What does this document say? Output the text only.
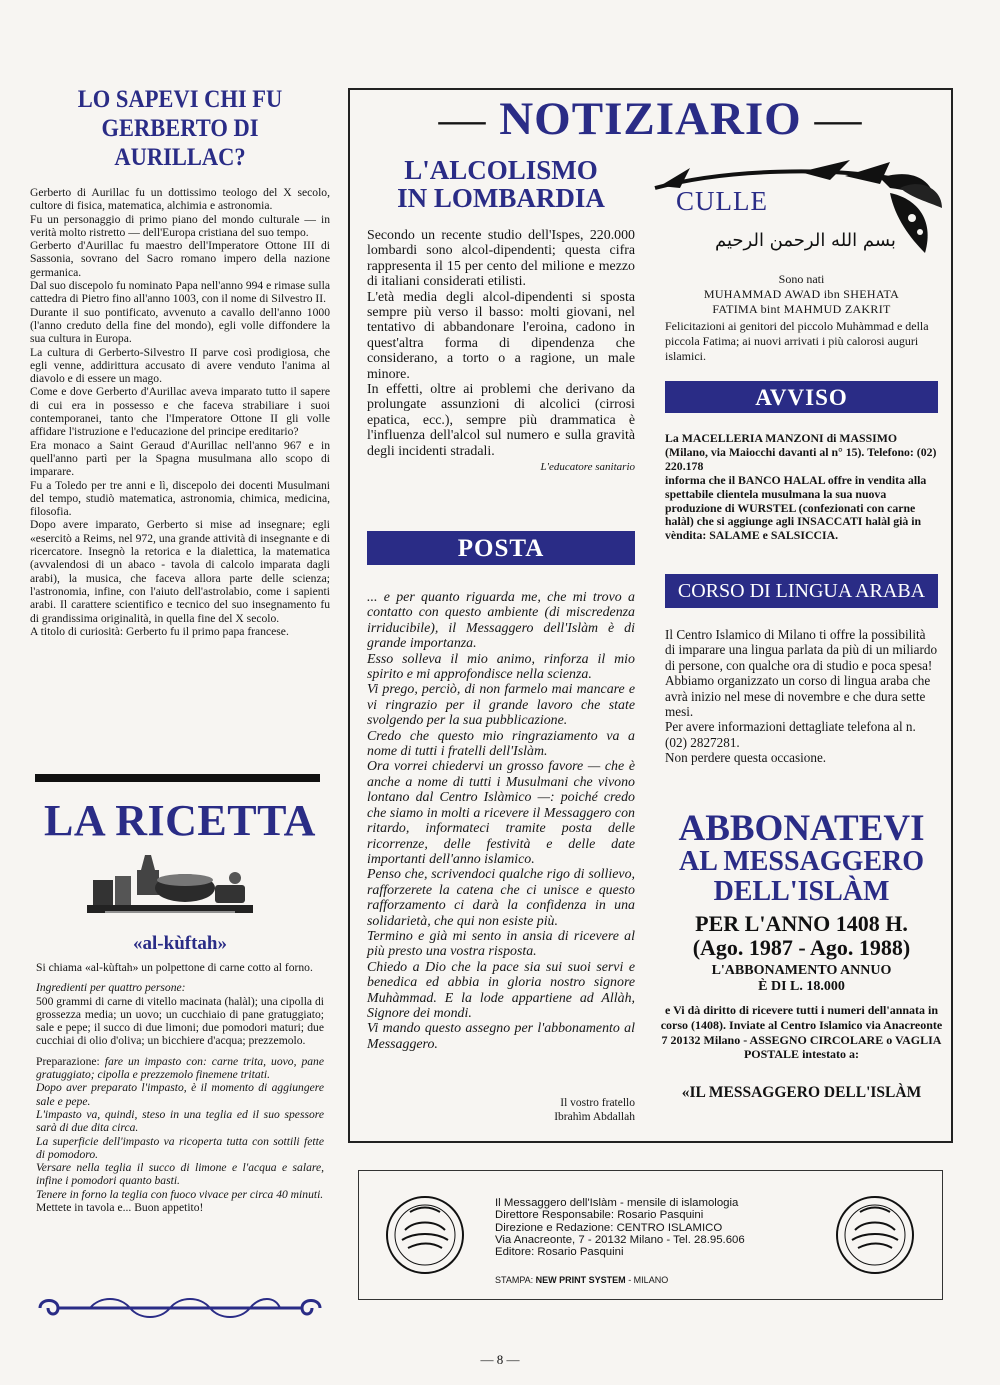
LO SAPEVI CHI FU
GERBERTO DI AURILLAC?

Gerberto di Aurillac fu un dottissimo teologo del X secolo, cultore di fisica, matematica, alchimia e astronomia.

Fu un personaggio di primo piano del mondo culturale — in verità molto ristretto — dell'Europa cristiana del suo tempo.

Gerberto d'Aurillac fu maestro dell'Imperatore Ottone III di Sassonia, sovrano del Sacro romano impero della nazione germanica.

Dal suo discepolo fu nominato Papa nell'anno 994 e rimase sulla cattedra di Pietro fino all'anno 1003, con il nome di Silvestro II.

Durante il suo pontificato, avvenuto a cavallo dell'anno 1000 (l'anno creduto della fine del mondo), egli volle diffondere la sua cultura in Europa.

La cultura di Gerberto-Silvestro II parve così prodigiosa, che egli venne, addirittura accusato di avere venduto l'anima al diavolo e di essere un mago.

Come e dove Gerberto d'Aurillac aveva imparato tutto il sapere di cui era in possesso e che faceva strabiliare i suoi contemporanei, tanto che l'Imperatore Ottone II gli volle affidare l'istruzione e l'educazione del principe ereditario?

Era monaco a Saint Geraud d'Aurillac nell'anno 967 e in quell'anno partì per la Spagna musulmana allo scopo di imparare.

Fu a Toledo per tre anni e lì, discepolo dei docenti Musulmani del tempo, studiò matematica, astronomia, chimica, medicina, filosofia.

Dopo avere imparato, Gerberto si mise ad insegnare; egli «esercitò a Reims, nel 972, una grande attività di insegnante e di ricercatore. Insegnò la retorica e la dialettica, la matematica (avvalendosi di un abaco - tavola di calcolo imparata dagli arabi), la musica, che faceva allora parte delle scienza; l'astronomia, infine, con l'aiuto dell'astrolabio, come i sapienti arabi. Il carattere scientifico e tecnico del suo insegnamento fu di grandissima originalità, in quella fine del X secolo.

A titolo di curiosità: Gerberto fu il primo papa francese.

LA RICETTA
«al-kùftah»

Si chiama «al-kùftah» un polpettone di carne cotto al forno.

Ingredienti per quattro persone:

500 grammi di carne di vitello macinata (halàl); una cipolla di grossezza media; un uovo; un cucchiaio di pane gratuggiato; sale e pepe; il succo di due limoni; due pomodori maturi; due cucchiai di olio d'oliva; un bicchiere d'acqua; prezzemolo.

Preparazione: fare un impasto con: carne trita, uovo, pane gratuggiato; cipolla e prezzemolo finemene tritati.

Dopo aver preparato l'impasto, è il momento di aggiungere sale e pepe.

L'impasto va, quindi, steso in una teglia ed il suo spessore sarà di due dita circa.

La superficie dell'impasto va ricoperta tutta con sottili fette di pomodoro.

Versare nella teglia il succo di limone e l'acqua e salare, infine i pomodori quanto basti.

Tenere in forno la teglia con fuoco vivace per circa 40 minuti.

Mettete in tavola e... Buon appetito!

— NOTIZIARIO —
L'ALCOLISMO
IN LOMBARDIA

Secondo un recente studio dell'Ispes, 220.000 lombardi sono alcol-dipendenti; questa cifra rappresenta il 15 per cento del milione e mezzo di italiani considerati etilisti.

L'età media degli alcol-dipendenti si sposta sempre più verso il basso: molti giovani, nel tentativo di abbandonare l'eroina, cadono in quest'altra forma di dipendenza che considerano, a torto o a ragione, un male minore.

In effetti, oltre ai problemi che derivano da prolungate assunzioni di alcolici (cirrosi epatica, ecc.), sempre più drammatica è l'influenza dell'alcol sul numero e sulla gravità degli incidenti stradali.

L'educatore sanitario
POSTA

... e per quanto riguarda me, che mi trovo a contatto con questo ambiente (di miscredenza irriducibile), il Messaggero dell'Islàm è di grande importanza.

Esso solleva il mio animo, rinforza il mio spirito e mi approfondisce nella scienza.

Vi prego, perciò, di non farmelo mai mancare e vi ringrazio per il grande lavoro che state svolgendo per la sua pubblicazione.

Credo che questo mio ringraziamento va a nome di tutti i fratelli dell'Islàm.

Ora vorrei chiedervi un grosso favore — che è anche a nome di tutti i Musulmani che vivono lontano dal Centro Islàmico —: poiché credo che siamo in molti a ricevere il Messaggero con ritardo, informateci tramite posta delle ricorrenze, delle festività e delle date importanti dell'anno islamico.

Penso che, scrivendoci qualche rigo di sollievo, rafforzerete la catena che ci unisce e questo rafforzamento ci darà la confidenza in una solidarietà, che qui non esiste più.

Termino e già mi sento in ansia di ricevere al più presto una vostra risposta.

Chiedo a Dio che la pace sia sui suoi servi e benedica ed abbia in gloria nostro signore Muhàmmad. E la lode appartiene ad Allàh, Signore dei mondi.

Vi mando questo assegno per l'abbonamento al Messaggero.

Il vostro fratello
Ibrahìm Abdallah
CULLE
بسم الله الرحمن الرحيم
Sono nati
MUHAMMAD AWAD ibn SHEHATA
FATIMA bint MAHMUD ZAKRIT
Felicitazioni ai genitori del piccolo Muhàmmad e della piccola Fatima; ai nuovi arrivati i più calorosi auguri islamici.
AVVISO

La MACELLERIA MANZONI di MASSIMO (Milano, via Maiocchi davanti al n° 15). Telefono: (02) 220.178

informa che il BANCO HALAL offre in vendita alla spettabile clientela musulmana la sua nuova produzione di WURSTEL (confezionati con carne halàl) che si aggiunge agli INSACCATI halàl già in vèndita: SALAME e SALSICCIA.

CORSO DI LINGUA ARABA

Il Centro Islamico di Milano ti offre la possibilità di imparare una lingua parlata da più di un miliardo di persone, con qualche ora di studio e poca spesa!

Abbiamo organizzato un corso di lingua araba che avrà inizio nel mese di novembre e che dura sette mesi.

Per avere informazioni dettagliate telefona al n. (02) 2827281.

Non perdere questa occasione.

ABBONATEVI
AL MESSAGGERO
DELL'ISLÀM
PER L'ANNO 1408 H.
(Ago. 1987 - Ago. 1988)
L'ABBONAMENTO ANNUO
È DI L. 18.000
e Vi dà diritto di ricevere tutti i numeri dell'annata in corso (1408). Inviate al Centro Islamico via Anacreonte 7 20132 Milano - ASSEGNO CIRCOLARE o VAGLIA POSTALE intestato a:
«IL MESSAGGERO DELL'ISLÀM
Il Messaggero dell'Islàm - mensile di islamologia
Direttore Responsabile: Rosario Pasquini
Direzione e Redazione: CENTRO ISLAMICO
Via Anacreonte, 7 - 20132 Milano - Tel. 28.95.606
Editore: Rosario Pasquini
STAMPA: NEW PRINT SYSTEM - MILANO
— 8 —
